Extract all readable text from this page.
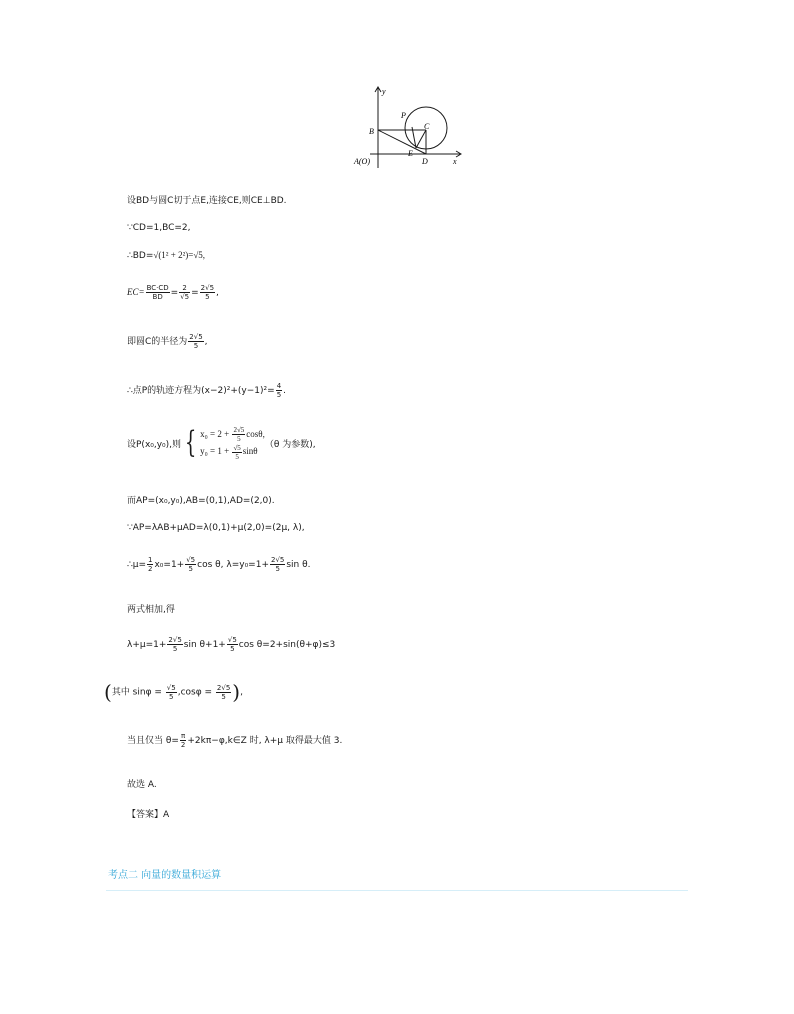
y
x
P
B
C
E
D
A(O)
设BD与圆C切于点E,连接CE,则CE⊥BD.
∵CD=1,BC=2,
∴BD=√(1² + 2²)=√5,
$EC= \frac{BC\cdot CD}{BD} = \frac{2}{√5} = \frac{2√5}{5}$ ,
即圆C的半径为 $\frac{2√5}{5}$ ,
∴点P的轨迹方程为$(x-2)^2+(y-1)^2= \frac{4}{5}$ .
设P(x₀,y₀),则 { $x_0 = 2 + \frac{2√5}{5} \cos\theta$,
$y_0 = 1 + \frac{√5}{5}$ sinθ
（θ 为参数),
而AP=(x₀,y₀),AB=(0,1),AD=(2,0).
∵AP=λAB+μAD=λ(0,1)+μ(2,0)=(2μ, λ),
∴μ= $\frac{1}{2} x_0=1+ \frac{√5}{5}$ cos θ, $\lambda=y_0=1+ \frac{2√5}{5}$ sin θ.
两式相加,得
$\lambda+\mu=1+ \frac{2√5}{5}$ $\sin \theta+1+ \frac{√5}{5}$ cos θ=2+sin(θ+φ)≤3
(其中 $\sin\varphi = \frac{√5}{5} ,\cos\varphi = \frac{2√5}{5}$ ),
当且仅当 $\theta= \frac{\pi}{2}$ +2kπ−φ,k∈Z 时, λ+μ 取得最大值 3.
故选 A.
【答案】A
考点二 向量的数量积运算
